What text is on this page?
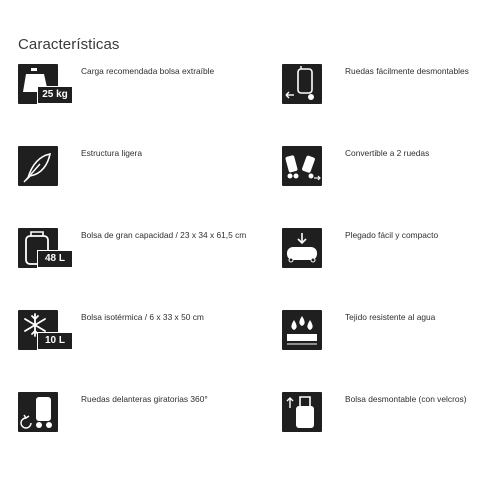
Características
25 kg
Carga recomendada bolsa extraíble	Ruedas fácilmente desmontables
Estructura ligera	Convertible a 2 ruedas
48 L
Bolsa de gran capacidad / 23 x 34 x 61,5 cm	Plegado fácil y compacto
10 L
Bolsa isotérmica / 6 x 33 x 50 cm	Tejido resistente al agua
Ruedas delanteras giratorias 360°	Bolsa desmontable (con velcros)
